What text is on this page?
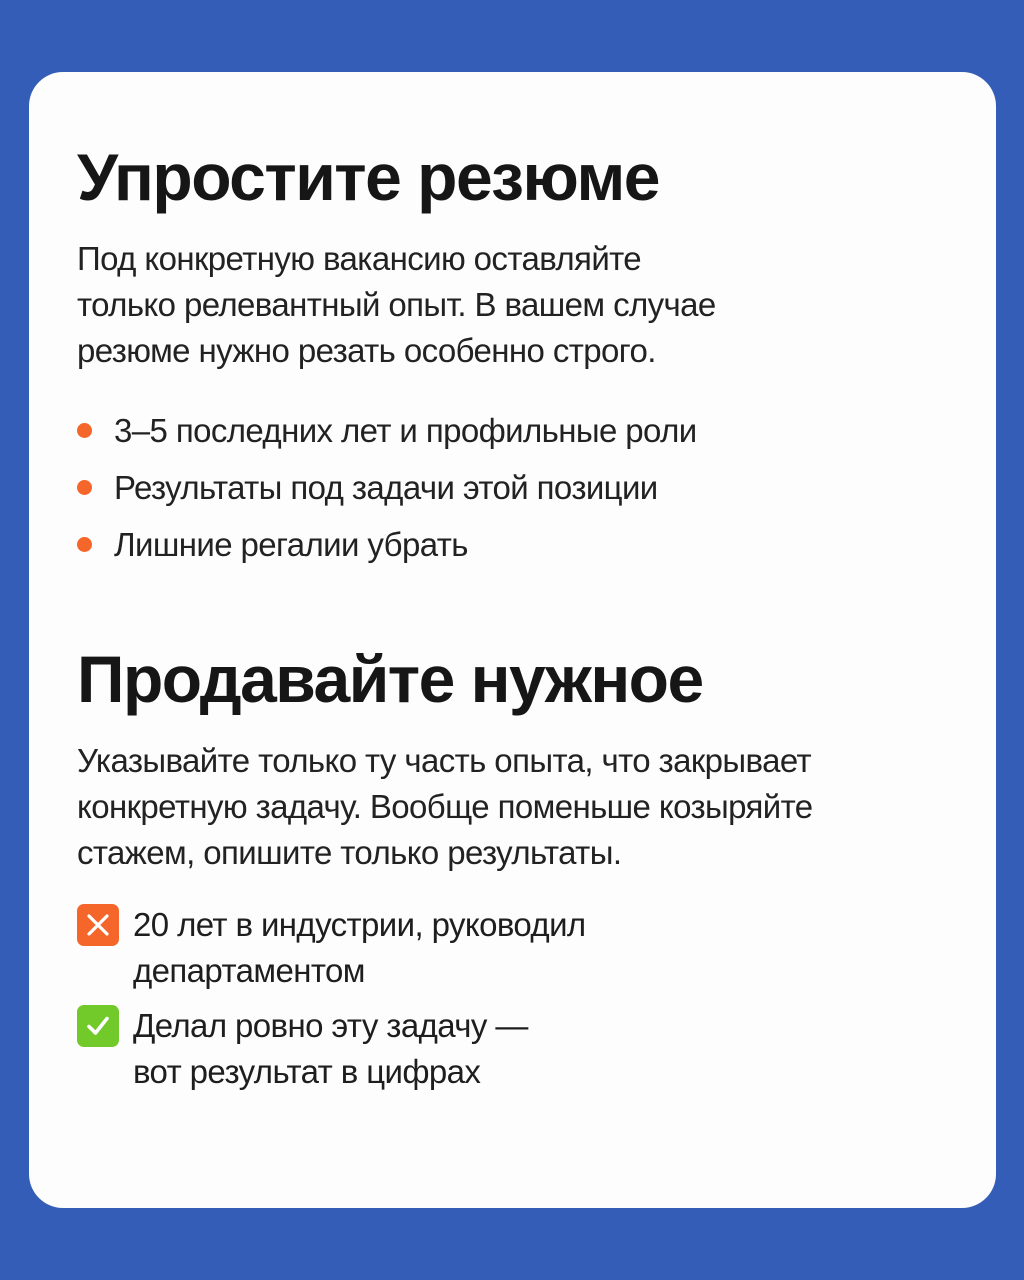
Упростите резюме

Под конкретную вакансию оставляйте
только релевантный опыт. В вашем случае
резюме нужно резать особенно строго.

3–5 последних лет и профильные роли
Результаты под задачи этой позиции
Лишние регалии убрать
Продавайте нужное

Указывайте только ту часть опыта, что закрывает
конкретную задачу. Вообще поменьше козыряйте
стажем, опишите только результаты.

20 лет в индустрии, руководил
департаментом
Делал ровно эту задачу —
вот результат в цифрах
